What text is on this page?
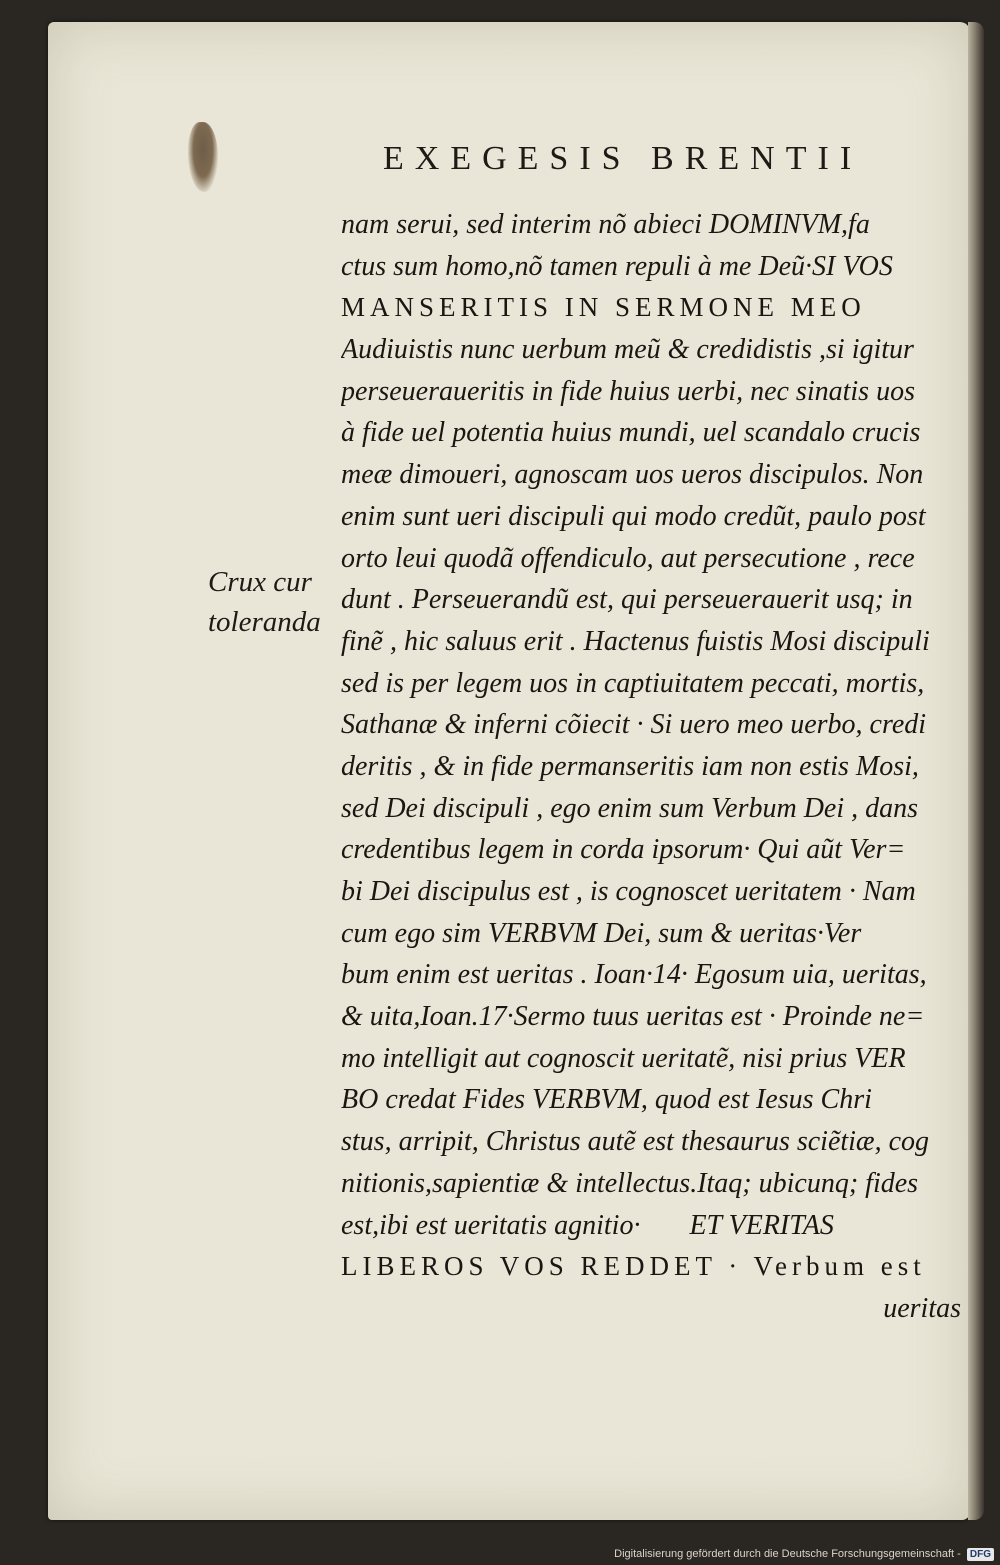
EXEGESIS BRENTII
Crux cur
toleranda
nam serui, sed interim nõ abieci DOMINVM,fa
ctus sum homo,nõ tamen repuli à me Deũ·SI VOS
MANSERITIS IN SERMONE MEO
Audiuistis nunc uerbum meũ & credidistis ,si igitur
perseueraueritis in fide huius uerbi, nec sinatis uos
à fide uel potentia huius mundi, uel scandalo crucis
meæ dimoueri, agnoscam uos ueros discipulos. Non
enim sunt ueri discipuli qui modo credũt, paulo post
orto leui quodã offendiculo, aut persecutione , rece
dunt . Perseuerandũ est, qui perseuerauerit usq; in
finẽ , hic saluus erit . Hactenus fuistis Mosi discipuli
sed is per legem uos in captiuitatem peccati, mortis,
Sathanæ & inferni cõiecit · Si uero meo uerbo, credi
deritis , & in fide permanseritis iam non estis Mosi,
sed Dei discipuli , ego enim sum Verbum Dei , dans
credentibus legem in corda ipsorum· Qui aũt Ver=
bi Dei discipulus est , is cognoscet ueritatem · Nam
cum ego sim VERBVM Dei, sum & ueritas·Ver
bum enim est ueritas . Ioan·14· Egosum uia, ueritas,
& uita,Ioan.17·Sermo tuus ueritas est · Proinde ne=
mo intelligit aut cognoscit ueritatẽ, nisi prius VER
BO credat Fides VERBVM, quod est Iesus Chri
stus, arripit, Christus autẽ est thesaurus sciẽtiæ, cog
nitionis,sapientiæ & intellectus.Itaq; ubicunq; fides
est,ibi est ueritatis agnitio·       ET VERITAS
LIBEROS VOS REDDET · Verbum est
ueritas
Digitalisierung gefördert durch die Deutsche Forschungsgemeinschaft - DFG
